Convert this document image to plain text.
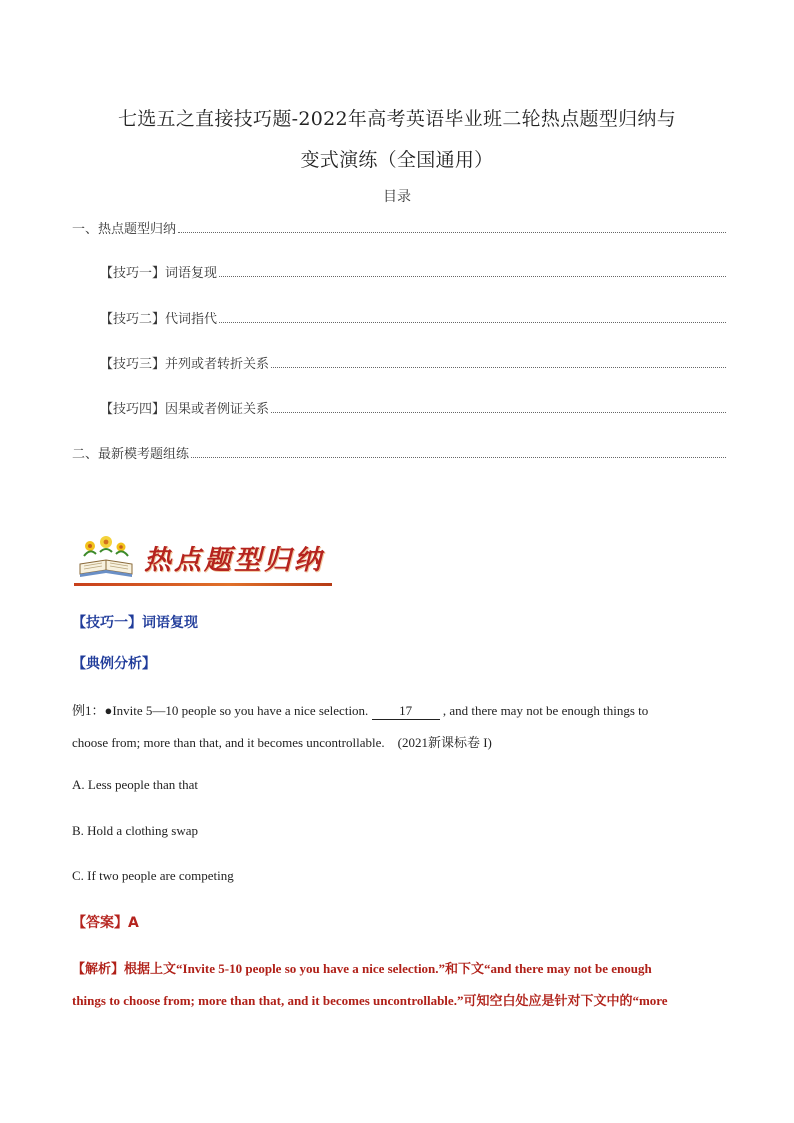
七选五之直接技巧题-2022年高考英语毕业班二轮热点题型归纳与
变式演练（全国通用）
目录
一、热点题型归纳
【技巧一】词语复现
【技巧二】代词指代
【技巧三】并列或者转折关系
【技巧四】因果或者例证关系
二、最新模考题组练
热点题型归纳
【技巧一】词语复现
【典例分析】
例1：●Invite 5—10 people so you have a nice selection. 17 , and there may not be enough things to
choose from; more than that, and it becomes uncontrollable.　(2021新课标卷 I)
A. Less people than that
B. Hold a clothing swap
C. If two people are competing
【答案】A
【解析】根据上文“Invite 5-10 people so you have a nice selection.”和下文“and there may not be enough
things to choose from; more than that, and it becomes uncontrollable.”可知空白处应是针对下文中的“more
